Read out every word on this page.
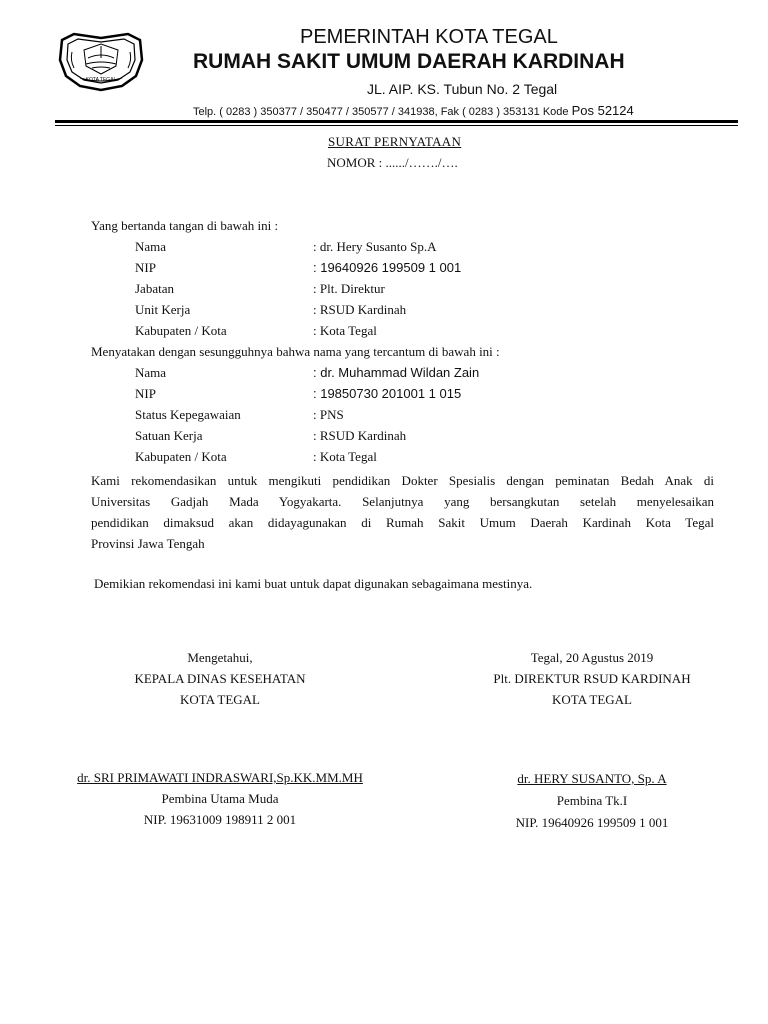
KOTA TEGAL
PEMERINTAH KOTA TEGAL
RUMAH SAKIT UMUM DAERAH KARDINAH
JL. AIP. KS. Tubun No. 2 Tegal
Telp. ( 0283 ) 350377 / 350477 / 350577 / 341938, Fak ( 0283 ) 353131 Kode Pos 52124
SURAT PERNYATAAN
NOMOR : ....../……./….
Yang bertanda tangan di bawah ini :
Nama	: dr. Hery Susanto Sp.A
NIP	: 19640926 199509 1 001
Jabatan	: Plt. Direktur
Unit Kerja	: RSUD Kardinah
Kabupaten / Kota	: Kota Tegal
Menyatakan dengan sesungguhnya bahwa nama yang tercantum di bawah ini :
Nama	: dr. Muhammad Wildan Zain
NIP	: 19850730 201001 1 015
Status Kepegawaian	: PNS
Satuan Kerja	: RSUD Kardinah
Kabupaten / Kota	: Kota Tegal
Kami rekomendasikan untuk mengikuti pendidikan Dokter Spesialis dengan peminatan Bedah Anak di
Universitas Gadjah Mada Yogyakarta. Selanjutnya yang bersangkutan setelah menyelesaikan
pendidikan dimaksud akan didayagunakan di Rumah Sakit Umum Daerah Kardinah Kota Tegal
Provinsi Jawa Tengah
Demikian rekomendasi ini kami buat untuk dapat digunakan sebagaimana mestinya.
Mengetahui,
KEPALA DINAS KESEHATAN
KOTA TEGAL
dr. SRI PRIMAWATI INDRASWARI,Sp.KK.MM.MH
Pembina Utama Muda
NIP. 19631009 198911 2 001
Tegal, 20 Agustus 2019
Plt. DIREKTUR RSUD KARDINAH
KOTA TEGAL
dr. HERY SUSANTO, Sp. A
Pembina Tk.I
NIP. 19640926 199509 1 001
